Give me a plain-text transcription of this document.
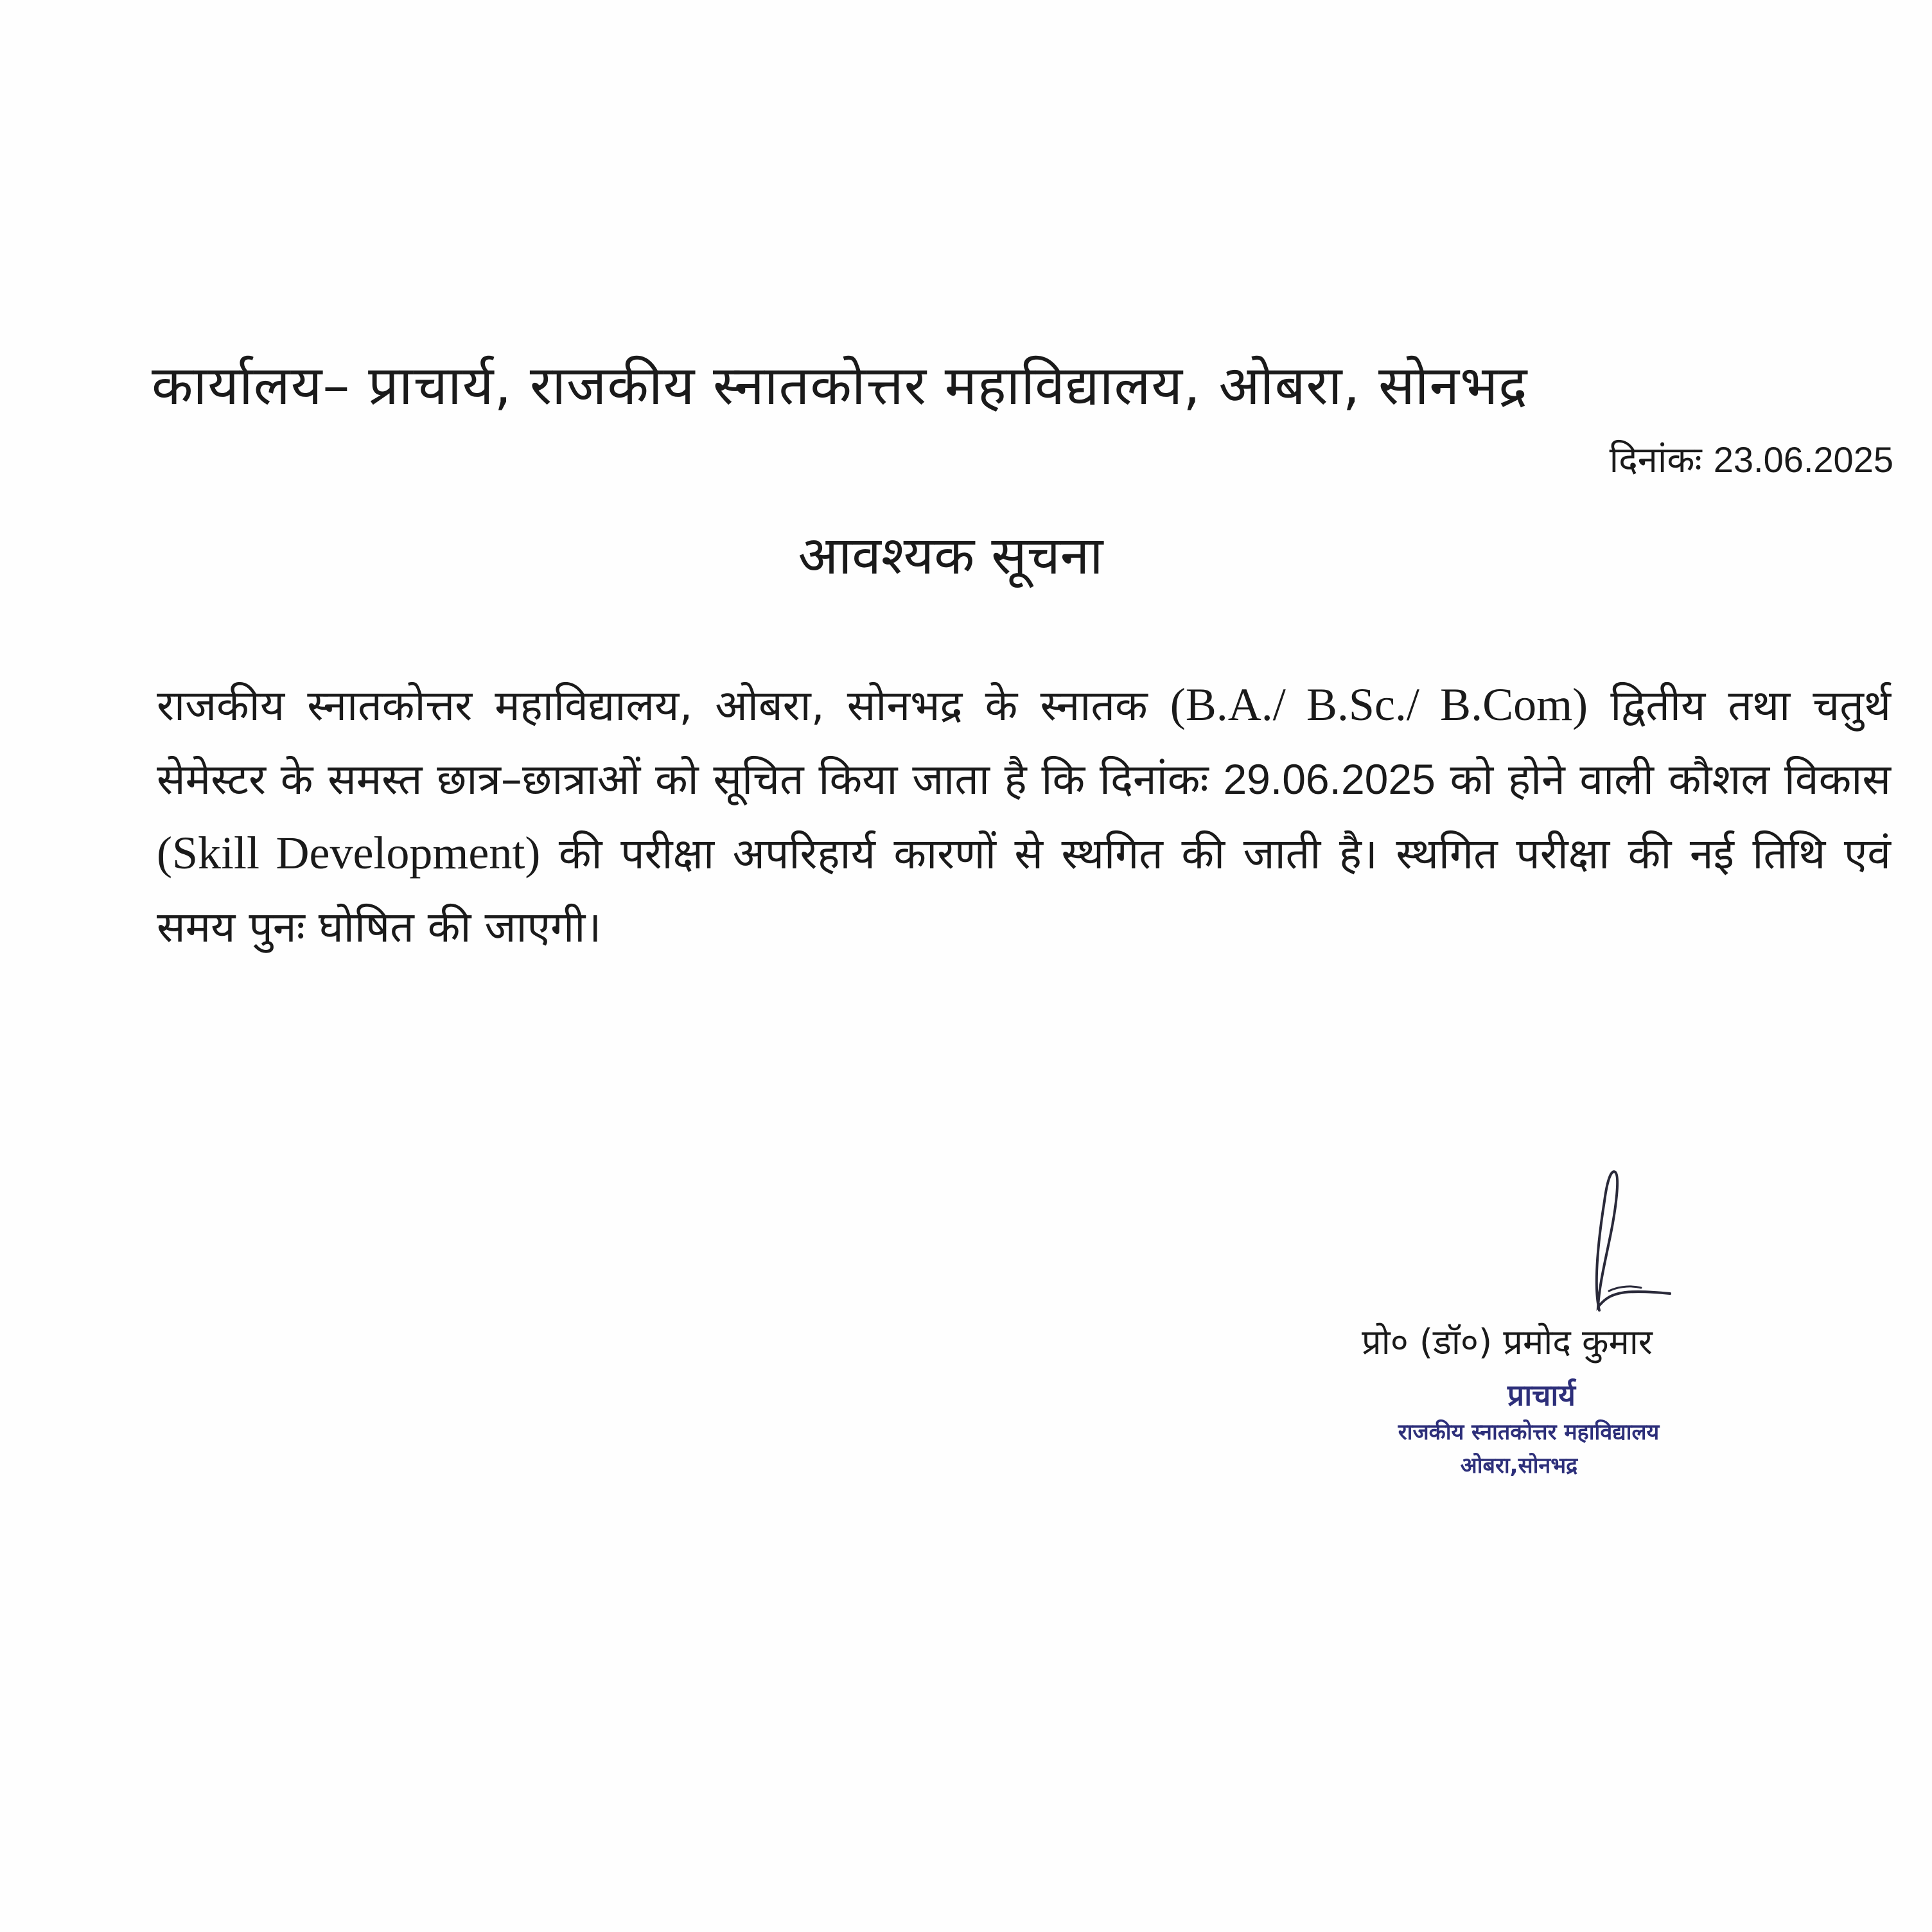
कार्यालय– प्राचार्य, राजकीय स्नातकोत्तर महाविद्यालय, ओबरा, सोनभद्र
दिनांकः 23.06.2025
आवश्यक सूचना
राजकीय स्नातकोत्तर महाविद्यालय, ओबरा, सोनभद्र के स्नातक (B.A./ B.Sc./ B.Com) द्वितीय तथा चतुर्थ सेमेस्टर के समस्त छात्र–छात्राओं को सूचित किया जाता है कि दिनांकः 29.06.2025 को होने वाली कौशल विकास (Skill Development) की परीक्षा अपरिहार्य कारणों से स्थगित की जाती है। स्थगित परीक्षा की नई तिथि एवं समय पुनः घोषित की जाएगी।
प्रो० (डॉ०) प्रमोद कुमार
प्राचार्य
राजकीय स्नातकोत्तर महाविद्यालय
ओबरा,सोनभद्र
